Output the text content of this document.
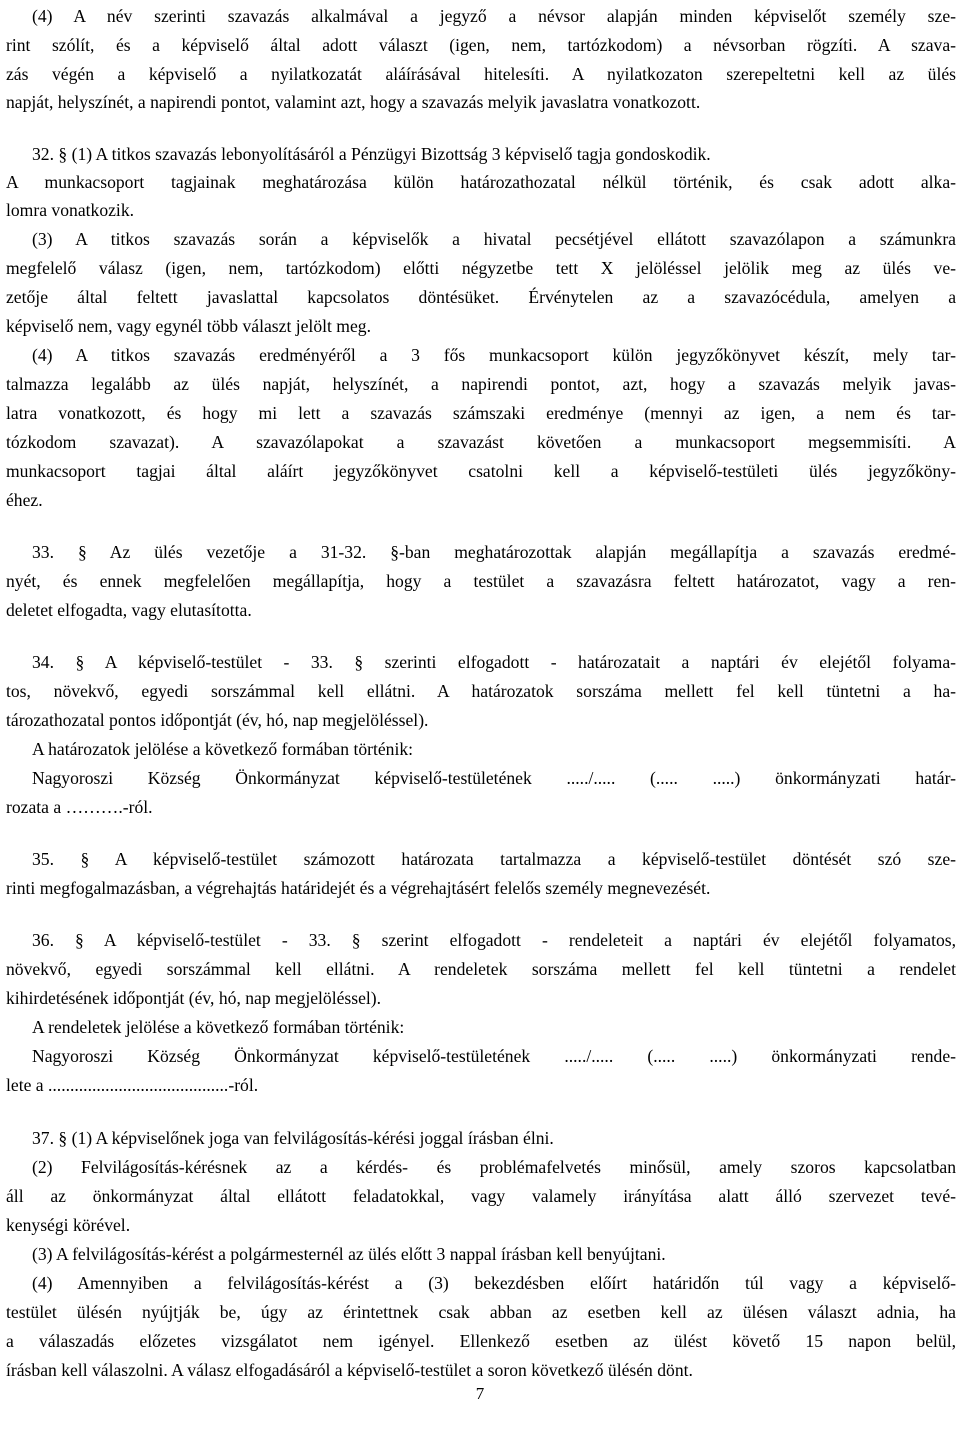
(4) A név szerinti szavazás alkalmával a jegyző a névsor alapján minden képviselőt személy sze-
rint szólít, és a képviselő által adott választ (igen, nem, tartózkodom) a névsorban rögzíti. A szava-
zás végén a képviselő a nyilatkozatát aláírásával hitelesíti. A nyilatkozaton szerepeltetni kell az ülés
napját, helyszínét, a napirendi pontot, valamint azt, hogy a szavazás melyik javaslatra vonatkozott.
32. § (1) A titkos szavazás lebonyolításáról a Pénzügyi Bizottság 3 képviselő tagja gondoskodik.
A munkacsoport tagjainak meghatározása külön határozathozatal nélkül történik, és csak adott alka-
lomra vonatkozik.
(3) A titkos szavazás során a képviselők a hivatal pecsétjével ellátott szavazólapon a számunkra
megfelelő válasz (igen, nem, tartózkodom) előtti négyzetbe tett X jelöléssel jelölik meg az ülés ve-
zetője által feltett javaslattal kapcsolatos döntésüket. Érvénytelen az a szavazócédula, amelyen a
képviselő nem, vagy egynél több választ jelölt meg.
(4) A titkos szavazás eredményéről a 3 fős munkacsoport külön jegyzőkönyvet készít, mely tar-
talmazza legalább az ülés napját, helyszínét, a napirendi pontot, azt, hogy a szavazás melyik javas-
latra vonatkozott, és hogy mi lett a szavazás számszaki eredménye (mennyi az igen, a nem és tar-
tózkodom szavazat). A szavazólapokat a szavazást követően a munkacsoport megsemmisíti. A
munkacsoport tagjai által aláírt jegyzőkönyvet csatolni kell a képviselő-testületi ülés jegyzőköny-
éhez.
33. § Az ülés vezetője a 31-32. §-ban meghatározottak alapján megállapítja a szavazás eredmé-
nyét, és ennek megfelelően megállapítja, hogy a testület a szavazásra feltett határozatot, vagy a ren-
deletet elfogadta, vagy elutasította.
34. § A képviselő-testület - 33. § szerinti elfogadott - határozatait a naptári év elejétől folyama-
tos, növekvő, egyedi sorszámmal kell ellátni. A határozatok sorszáma mellett fel kell tüntetni a ha-
tározathozatal pontos időpontját (év, hó, nap megjelöléssel).
A határozatok jelölése a következő formában történik:
Nagyoroszi Község Önkormányzat képviselő-testületének ...../..... (..... .....) önkormányzati határ-
rozata a ……….-ról.
35. § A képviselő-testület számozott határozata tartalmazza a képviselő-testület döntését szó sze-
rinti megfogalmazásban, a végrehajtás határidejét és a végrehajtásért felelős személy megnevezését.
36. § A képviselő-testület - 33. § szerint elfogadott - rendeleteit a naptári év elejétől folyamatos,
növekvő, egyedi sorszámmal kell ellátni. A rendeletek sorszáma mellett fel kell tüntetni a rendelet
kihirdetésének időpontját (év, hó, nap megjelöléssel).
A rendeletek jelölése a következő formában történik:
Nagyoroszi Község Önkormányzat képviselő-testületének ...../..... (..... .....) önkormányzati rende-
lete a .........................................-ról.
37. § (1) A képviselőnek joga van felvilágosítás-kérési joggal írásban élni.
(2) Felvilágosítás-kérésnek az a kérdés- és problémafelvetés minősül, amely szoros kapcsolatban
áll az önkormányzat által ellátott feladatokkal, vagy valamely irányítása alatt álló szervezet tevé-
kenységi körével.
(3) A felvilágosítás-kérést a polgármesternél az ülés előtt 3 nappal írásban kell benyújtani.
(4) Amennyiben a felvilágosítás-kérést a (3) bekezdésben előírt határidőn túl vagy a képviselő-
testület ülésén nyújtják be, úgy az érintettnek csak abban az esetben kell az ülésen választ adnia, ha
a válaszadás előzetes vizsgálatot nem igényel. Ellenkező esetben az ülést követő 15 napon belül,
írásban kell válaszolni. A válasz elfogadásáról a képviselő-testület a soron következő ülésén dönt.
7
